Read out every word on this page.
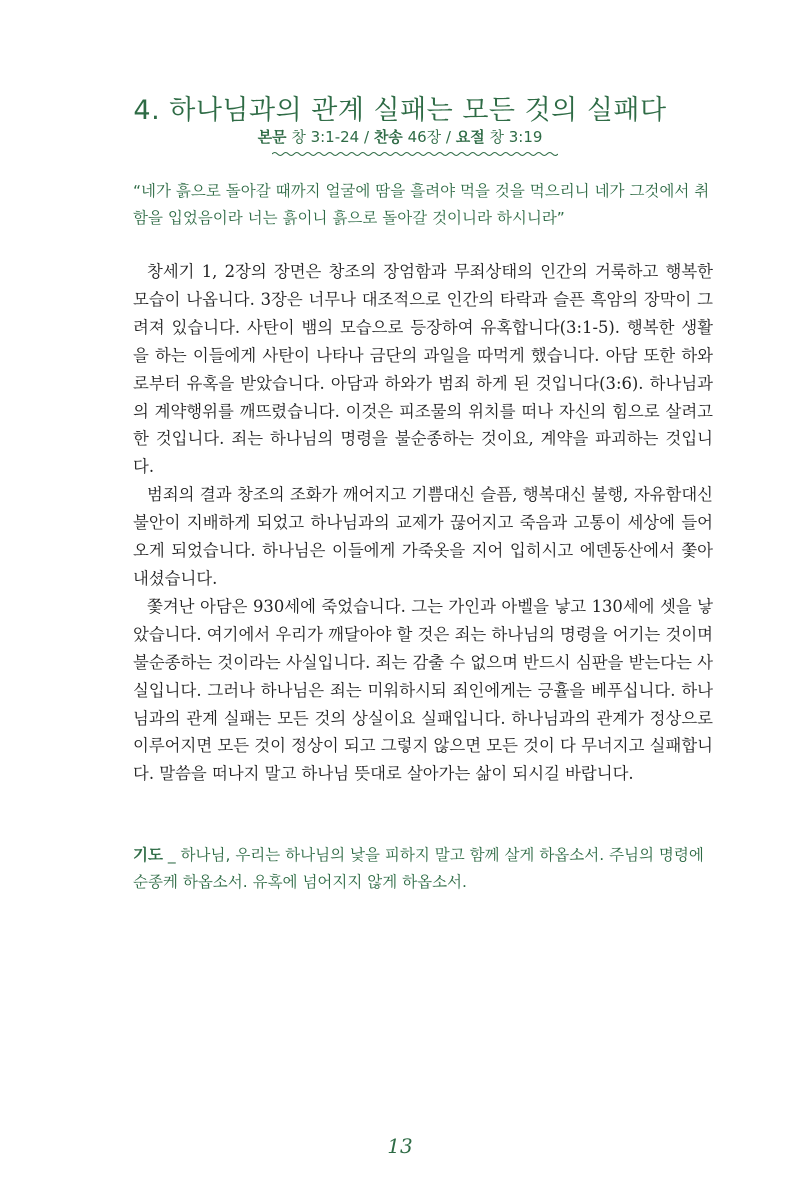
4. 하나님과의 관계 실패는 모든 것의 실패다
본문 창 3:1-24 / 찬송 46장 / 요절 창 3:19
“네가 흙으로 돌아갈 때까지 얼굴에 땀을 흘려야 먹을 것을 먹으리니 네가 그것에서 취함을 입었음이라 너는 흙이니 흙으로 돌아갈 것이니라 하시니라”

창세기 1, 2장의 장면은 창조의 장엄함과 무죄상태의 인간의 거룩하고 행복한 모습이 나옵니다. 3장은 너무나 대조적으로 인간의 타락과 슬픈 흑암의 장막이 그려져 있습니다. 사탄이 뱀의 모습으로 등장하여 유혹합니다(3:1-5). 행복한 생활을 하는 이들에게 사탄이 나타나 금단의 과일을 따먹게 했습니다. 아담 또한 하와로부터 유혹을 받았습니다. 아담과 하와가 범죄 하게 된 것입니다(3:6). 하나님과의 계약행위를 깨뜨렸습니다. 이것은 피조물의 위치를 떠나 자신의 힘으로 살려고 한 것입니다. 죄는 하나님의 명령을 불순종하는 것이요, 계약을 파괴하는 것입니다.

범죄의 결과 창조의 조화가 깨어지고 기쁨대신 슬픔, 행복대신 불행, 자유함대신 불안이 지배하게 되었고 하나님과의 교제가 끊어지고 죽음과 고통이 세상에 들어오게 되었습니다. 하나님은 이들에게 가죽옷을 지어 입히시고 에덴동산에서 쫓아내셨습니다.

쫓겨난 아담은 930세에 죽었습니다. 그는 가인과 아벨을 낳고 130세에 셋을 낳았습니다. 여기에서 우리가 깨달아야 할 것은 죄는 하나님의 명령을 어기는 것이며 불순종하는 것이라는 사실입니다. 죄는 감출 수 없으며 반드시 심판을 받는다는 사실입니다. 그러나 하나님은 죄는 미워하시되 죄인에게는 긍휼을 베푸십니다. 하나님과의 관계 실패는 모든 것의 상실이요 실패입니다. 하나님과의 관계가 정상으로 이루어지면 모든 것이 정상이 되고 그렇지 않으면 모든 것이 다 무너지고 실패합니다. 말씀을 떠나지 말고 하나님 뜻대로 살아가는 삶이 되시길 바랍니다.

기도 _ 하나님, 우리는 하나님의 낯을 피하지 말고 함께 살게 하옵소서. 주님의 명령에 순종케 하옵소서. 유혹에 넘어지지 않게 하옵소서.
13
